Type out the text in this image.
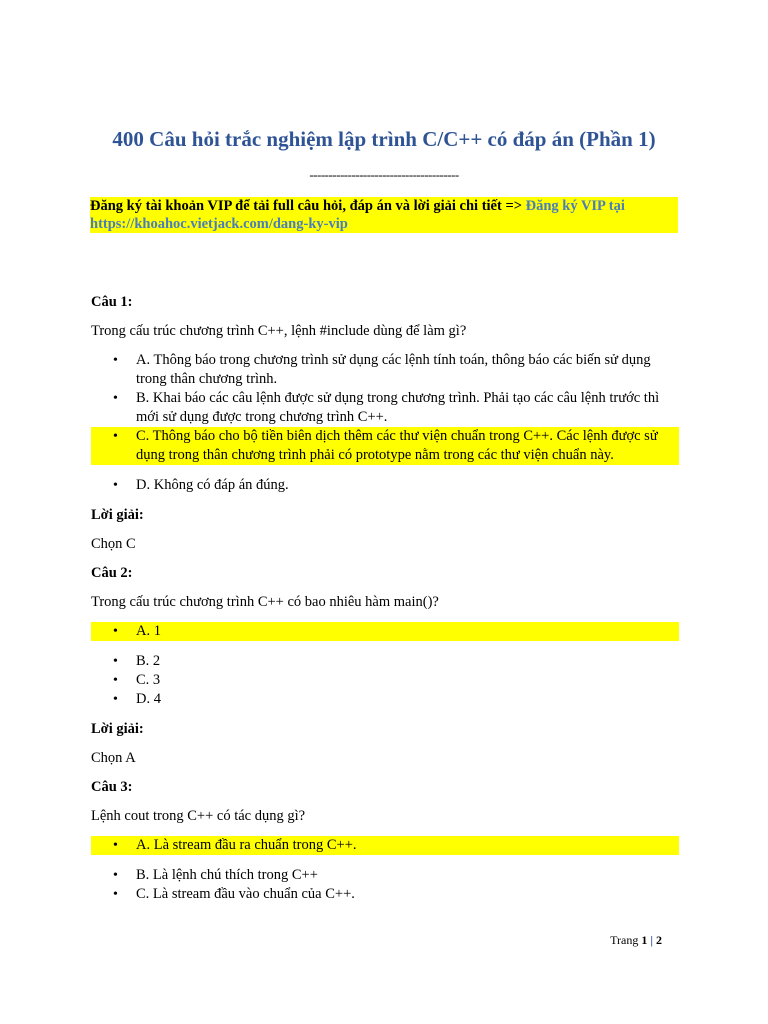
400 Câu hỏi trắc nghiệm lập trình C/C++ có đáp án (Phần 1)
---------------------------------------
Đăng ký tài khoản VIP để tải full câu hỏi, đáp án và lời giải chi tiết => Đăng ký VIP tại https://khoahoc.vietjack.com/dang-ky-vip
Câu 1:
Trong cấu trúc chương trình C++, lệnh #include dùng để làm gì?
• A. Thông báo trong chương trình sử dụng các lệnh tính toán, thông báo các biến sử dụng trong thân chương trình.
• B. Khai báo các câu lệnh được sử dụng trong chương trình. Phải tạo các câu lệnh trước thì mới sử dụng được trong chương trình C++.
• C. Thông báo cho bộ tiền biên dịch thêm các thư viện chuẩn trong C++. Các lệnh được sử dụng trong thân chương trình phải có prototype nằm trong các thư viện chuẩn này.
• D. Không có đáp án đúng.
Lời giải:
Chọn C
Câu 2:
Trong cấu trúc chương trình C++ có bao nhiêu hàm main()?
• A. 1
• B. 2
• C. 3
• D. 4
Lời giải:
Chọn A
Câu 3:
Lệnh cout trong C++ có tác dụng gì?
• A. Là stream đầu ra chuẩn trong C++.
• B. Là lệnh chú thích trong C++
• C. Là stream đầu vào chuẩn của C++.
Trang 1 | 2
